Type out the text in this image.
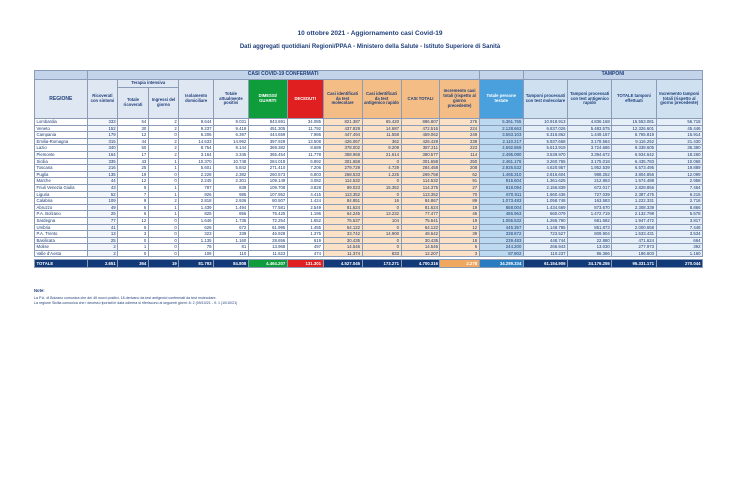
10 ottobre 2021 - Aggiornamento casi Covid-19
Dati aggregati quotidiani Regioni/PPAA - Ministero della Salute - Istituto Superiore di Sanità
	CASI COVID-19 CONFERMATI												TAMPONI			
REGIONE	Ricoverati con sintomi	Terapia intensiva		Isolamento domiciliare	Totale attualmente positivi	DIMESSI/ GUARITI	DECEDUTI	Casi identificati da test molecolare	Casi identificati da test antigenico rapido	CASI TOTALI	Incremento casi totali (rispetto al giorno precedente)	Totale persone testate	Tamponi processati con test molecolare	Tamponi processati con test antigenico rapido	TOTALE tamponi effettuati	Incremento tamponi totali (rispetto al giorno precedente)
		Totale ricoverati	Ingressi del giorno													
Lombardia	333	54	2	8.644	9.031	843.691	34.085	821.387	65.420	886.807	276	5.361.765	10.918.913	4.836.168	15.553.081	56.718
Veneto	152	30	2	9.237	9.419	451.305	11.792	437.829	14.687	472.516	224	2.128.663	6.837.026	5.483.575	12.326.601	45.446
Campania	179	12	0	6.206	6.397	444.659	7.986	447.494	11.558	459.062	249	3.553.103	5.316.862	1.449.157	6.765.819	15.914
Emilia-Romagna	315	44	2	14.633	14.992	397.929	13.508	426.067	362	426.429	239	2.110.217	5.937.668	3.178.584	9.116.252	21.430
Lazio	340	50	2	8.754	9.144	369.382	8.689	378.002	9.209	387.211	223	4.692.869	5.613.919	3.724.686	9.338.605	35.390
Piemonte	164	17	2	3.164	3.345	365.454	11.778	358.968	21.614	380.577	114	2.495.080	3.539.970	3.394.672	6.934.642	18.260
Sicilia	335	43	1	10.370	10.748	284.018	6.892	301.658	0	301.658	250	2.461.176	3.260.765	3.175.018	6.435.783	10.068
Toscana	216	25	1	5.601	5.842	271.410	7.206	279.729	4.729	284.458	208	2.926.532	4.620.957	1.952.539	6.573.495	19.889
Puglia	135	19	0	2.228	2.382	260.573	6.803	268.533	1.225	269.758	62	1.465.310	2.816.604	988.252	3.804.856	12.099
Marche	44	12	0	2.245	2.301	109.149	3.082	114.532	0	114.532	91	915.604	1.361.625	212.863	1.574.488	2.958
Friuli Venezia Giulia	43	9	1	787	839	109.708	3.828	99.023	15.352	114.375	27	818.094	2.156.839	672.017	2.828.856	7.464
Liguria	52	7	1	926	985	107.952	4.415	113.352	0	113.352	70	870.911	1.660.436	727.039	2.387.475	6.215
Calabria	109	9	2	2.818	2.936	80.507	1.424	84.851	16	84.867	89	1.073.483	1.058.748	163.583	1.222.331	2.716
Abruzzo	49	6	1	1.439	1.494	77.581	2.549	81.624	0	81.624	19	858.004	1.434.669	873.670	2.308.339	8.866
P.A. Bolzano	25	6	1	825	856	75.425	1.196	64.245	13.232	77.477	46	486.963	660.079	1.472.719	2.132.798	5.578
Sardegna	77	12	0	1.646	1.735	72.254	1.652	75.537	104	75.641	19	1.055.532	1.265.790	681.682	1.947.472	3.817
Umbria	41	5	0	626	672	61.995	1.455	64.122	0	64.122	12	445.357	1.148.785	851.873	2.000.658	7.446
P.A. Trento	13	3	0	323	339	46.928	1.375	33.742	14.900	48.642	39	338.872	723.527	809.904	1.533.431	3.534
Basilicata	25	0	0	1.135	1.160	28.656	619	30.435	0	30.435	18	239.483	448.744	22.880	471.624	664
Molise	2	1	0	78	81	13.968	497	14.546	0	14.546	6	244.200	266.943	13.030	277.973	392
Valle d'Aosta	2	0	0	108	110	11.623	474	11.374	833	12.207	3	87.802	110.237	86.366	196.603	1.160

TOTALE	2.651	364	19	81.793	84.808	4.464.207	131.301	4.527.045	173.271	4.700.316	2.278	34.289.334	61.154.906	34.176.255	95.331.171	270.044
Note:
La P.A. di Bolzano comunica che dei 46 nuovi positivi, 18 derivano da test antigenici confermati da test molecolare.
La regione Sicilia comunica che i decessi riportati in data odierna si riferiscono ai seguenti giorni: 8: 2 (09/10/21 - 9: 1 (10/10/21)
